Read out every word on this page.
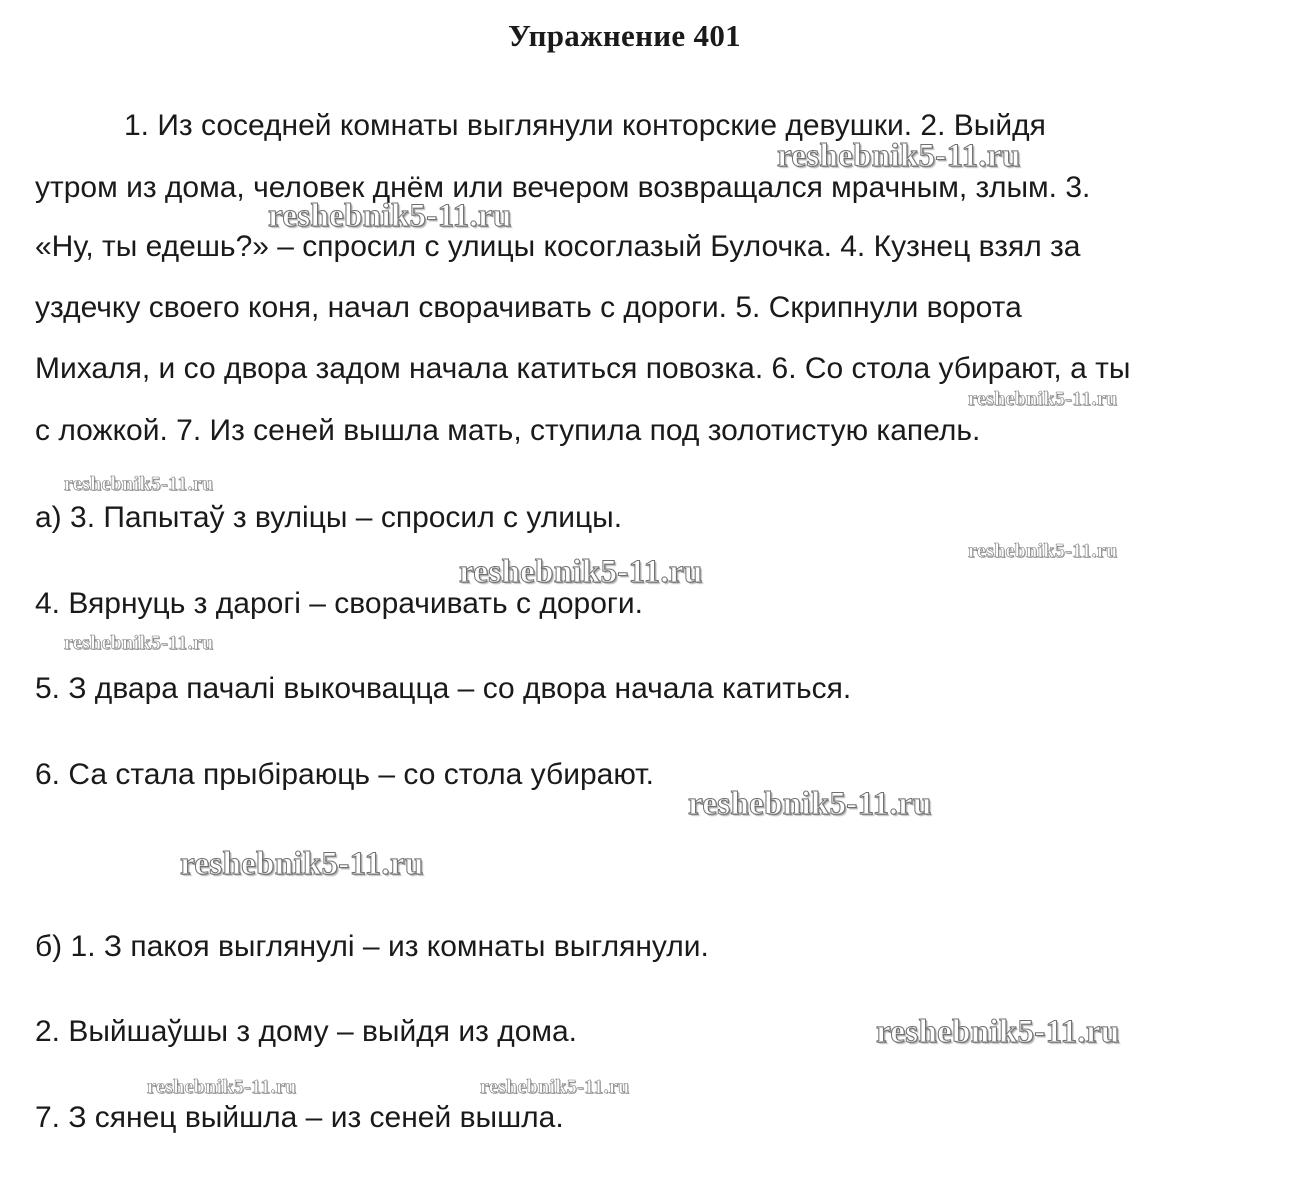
Упражнение 401
1. Из соседней комнаты выглянули конторские девушки. 2. Выйдя
утром из дома, человек днём или вечером возвращался мрачным, злым. 3.
«Ну, ты едешь?» – спросил с улицы косоглазый Булочка. 4. Кузнец взял за
уздечку своего коня, начал сворачивать с дороги. 5. Скрипнули ворота
Михаля, и со двора задом начала катиться повозка. 6. Со стола убирают, а ты
с ложкой. 7. Из сеней вышла мать, ступила под золотистую капель.
а) 3. Папытаў з вуліцы – спросил с улицы.
4. Вярнуць з дарогі – сворачивать с дороги.
5. З двара пачалі выкочвацца – со двора начала катиться.
6. Са стала прыбіраюць – со стола убирают.
б) 1. З пакоя выглянулі – из комнаты выглянули.
2. Выйшаўшы з дому – выйдя из дома.
7. З сянец выйшла – из сеней вышла.
reshebnik5-11.ru
reshebnik5-11.ru
reshebnik5-11.ru
reshebnik5-11.ru
reshebnik5-11.ru
reshebnik5-11.ru
reshebnik5-11.ru
reshebnik5-11.ru
reshebnik5-11.ru
reshebnik5-11.ru
reshebnik5-11.ru	reshebnik5-11.ru
